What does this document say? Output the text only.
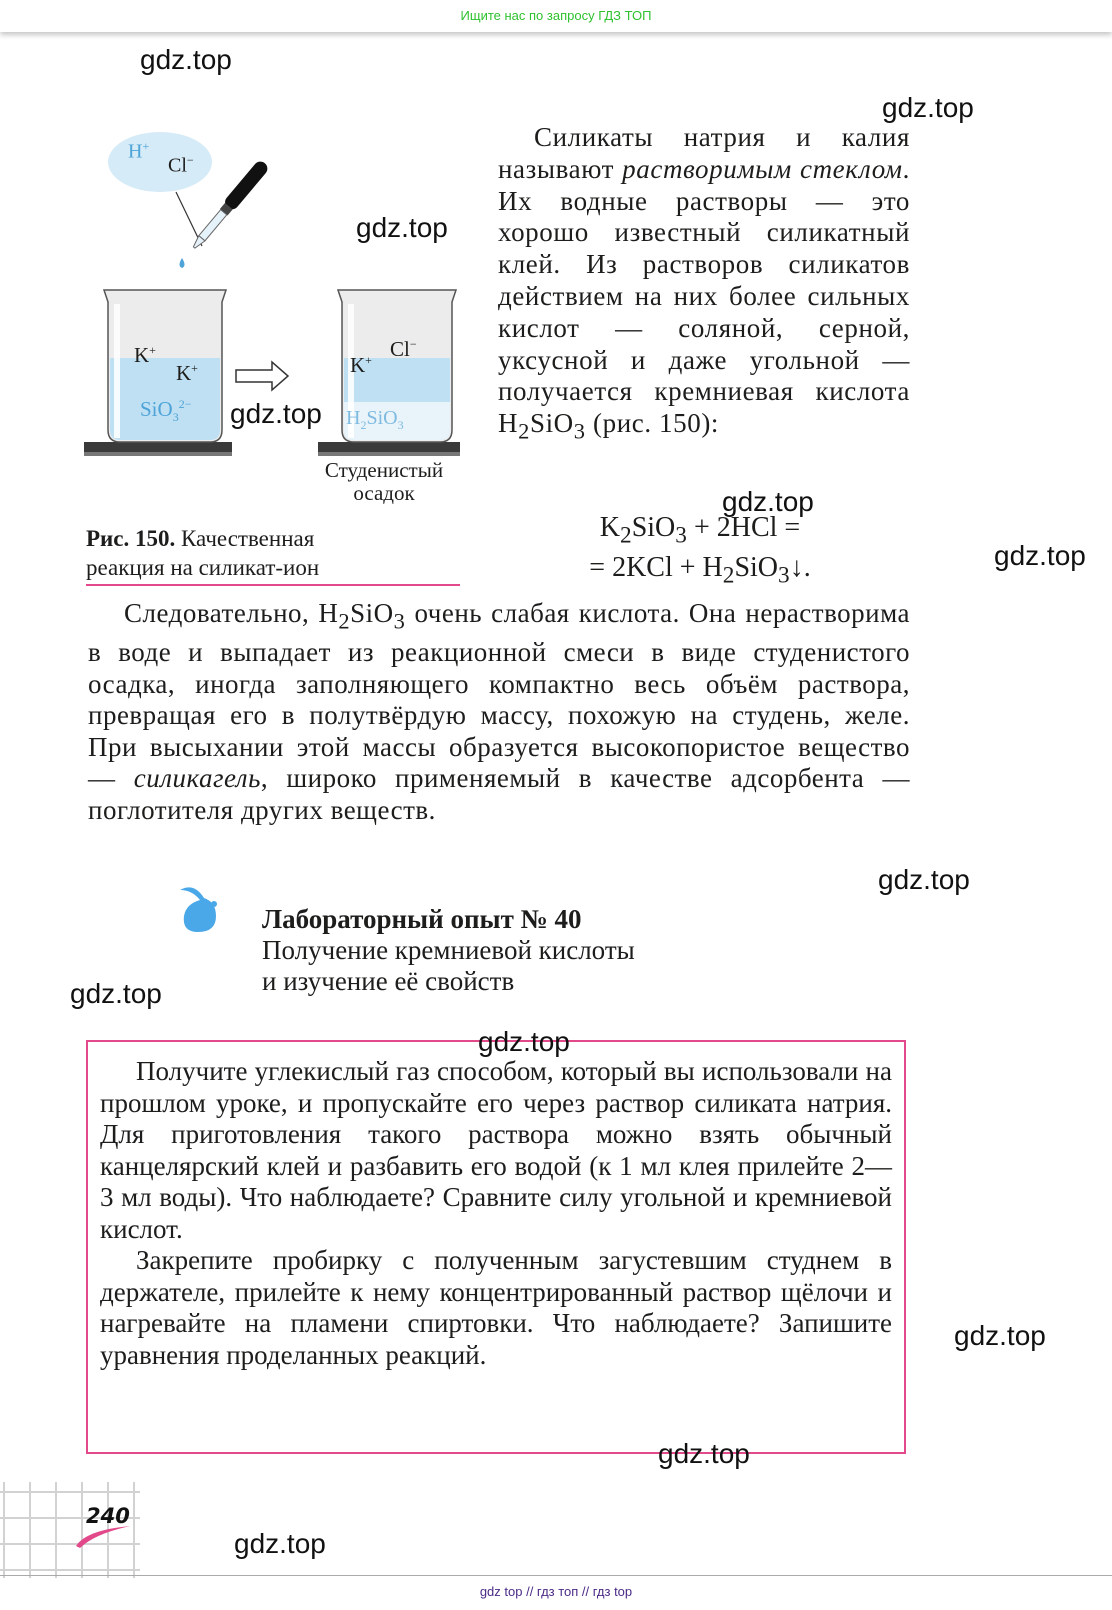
Ищите нас по запросу ГДЗ ТОП
H+
Cl−
K+
K+
SiO$_3^{2-}$
K+ Cl−
$H_2SiO_3$
Студенистый
осадок
Рис. 150. Качественная
реакция на силикат-ион

Силикаты натрия и калия называют растворимым стеклом. Их водные растворы — это хорошо известный силикатный клей. Из растворов силикатов действием на них более сильных кислот — соляной, серной, уксусной и даже угольной — получается кремниевая кислота $H_2SiO_3$ (рис. 150):

$K_2SiO_3 + 2HCl$ =
= $2KCl + H_2SiO_3↓$.

Следовательно, $H_2SiO_3$ очень слабая кислота. Она нерастворима в воде и выпадает из реакционной смеси в виде студенистого осадка, иногда заполняющего компактно весь объём раствора, превращая его в полутвёрдую массу, похожую на студень, желе. При высыхании этой массы образуется высокопористое вещество — силикагель, широко применяемый в качестве адсорбента — поглотителя других веществ.

Лабораторный опыт № 40
Получение кремниевой кислоты
и изучение её свойств

Получите углекислый газ способом, который вы использовали на прошлом уроке, и пропускайте его через раствор силиката натрия. Для приготовления такого раствора можно взять обычный канцелярский клей и разбавить его водой (к 1 мл клея прилейте 2—3 мл воды). Что наблюдаете? Сравните силу угольной и кремниевой кислот.

Закрепите пробирку с полученным загустевшим студнем в держателе, прилейте к нему концентрированный раствор щёлочи и нагревайте на пламени спиртовки. Что наблюдаете? Запишите уравнения проделанных реакций.

240
gdz.top
gdz.top
gdz.top
gdz.top
gdz.top
gdz.top
gdz.top
gdz.top
gdz.top
gdz.top
gdz.top
gdz.top
gdz top // гдз топ // гдз top
